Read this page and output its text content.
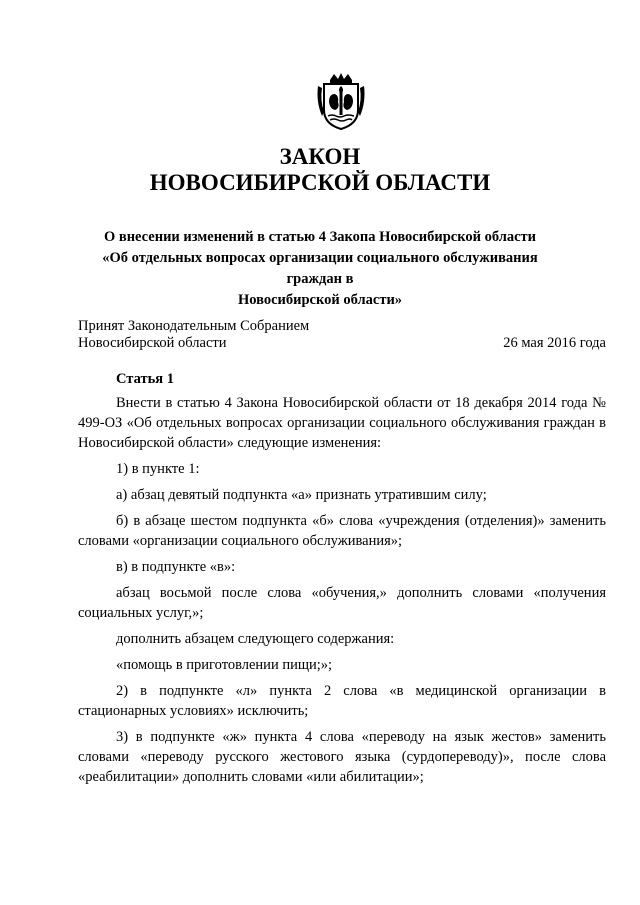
ЗАКОН
НОВОСИБИРСКОЙ ОБЛАСТИ
О внесении изменений в статью 4 Закопа Новосибирской области
«Об отдельных вопросах организации социального обслуживания граждан в
Новосибирской области»
Принят Законодательным Собранием
Новосибирской области	26 мая 2016 года
Статья 1

Внести в статью 4 Закона Новосибирской области от 18 декабря 2014 года № 499-ОЗ «Об отдельных вопросах организации социального обслуживания граждан в Новосибирской области» следующие изменения:

1) в пункте 1:

а) абзац девятый подпункта «а» признать утратившим силу;

б) в абзаце шестом подпункта «б» слова «учреждения (отделения)» заменить словами «организации социального обслуживания»;

в) в подпункте «в»:

абзац восьмой после слова «обучения,» дополнить словами «получения социальных услуг,»;

дополнить абзацем следующего содержания:

«помощь в приготовлении пищи;»;

2) в подпункте «л» пункта 2 слова «в медицинской организации в стационарных условиях» исключить;

3) в подпункте «ж» пункта 4 слова «переводу на язык жестов» заменить словами «переводу русского жестового языка (сурдопереводу)», после слова «реабилитации» дополнить словами «или абилитации»;
